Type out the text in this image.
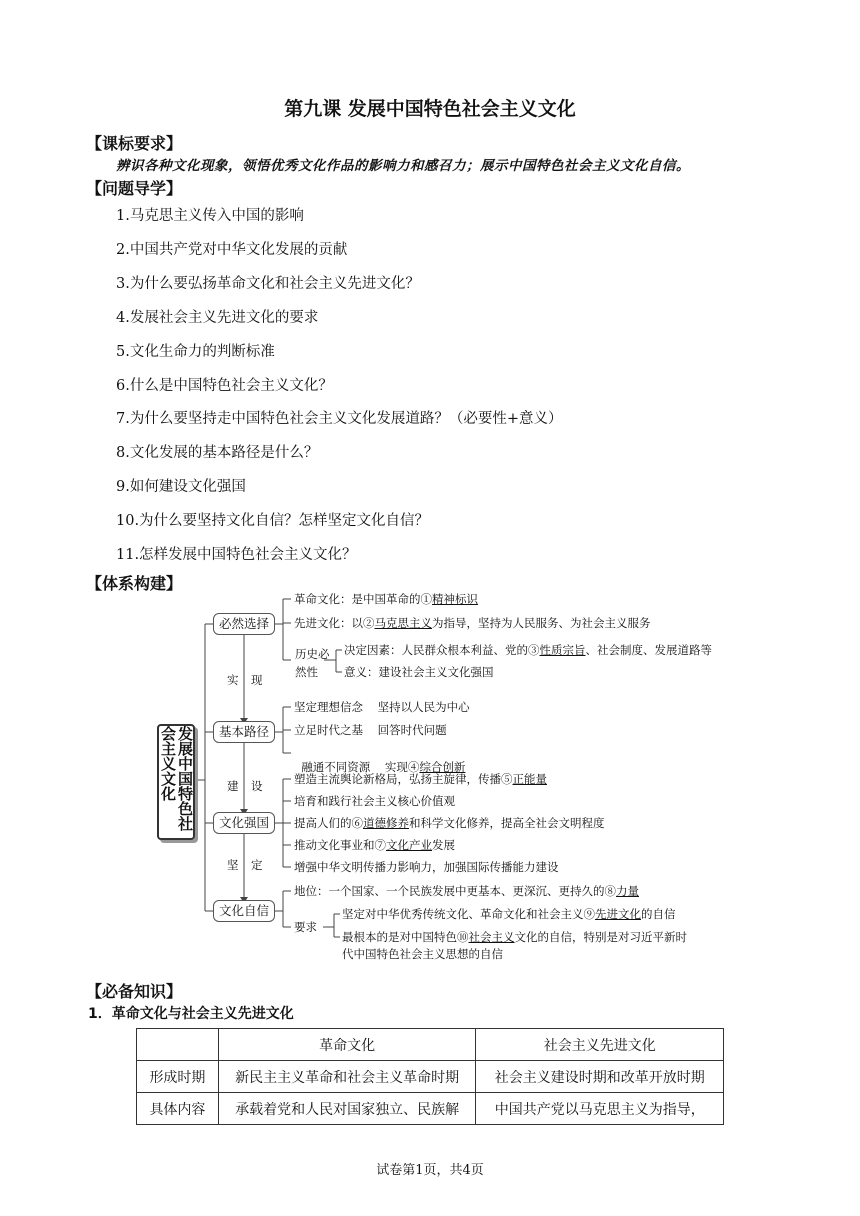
第九课 发展中国特色社会主义文化
【课标要求】
辨识各种文化现象，领悟优秀文化作品的影响力和感召力；展示中国特色社会主义文化自信。
【问题导学】
1.马克思主义传入中国的影响
2.中国共产党对中华文化发展的贡献
3.为什么要弘扬革命文化和社会主义先进文化？
4.发展社会主义先进文化的要求
5.文化生命力的判断标准
6.什么是中国特色社会主义文化？
7.为什么要坚持走中国特色社会主义文化发展道路？（必要性+意义）
8.文化发展的基本路径是什么？
9.如何建设文化强国
10.为什么要坚持文化自信？怎样坚定文化自信？
11.怎样发展中国特色社会主义文化？
【体系构建】
发展中国特色社会主义文化
必然选择
基本路径
文化强国
文化自信
实 现
建 设
坚 定
革命文化：是中国革命的①精神标识
先进文化：以②马克思主义为指导，坚持为人民服务、为社会主义服务
历史必
然性
决定因素：人民群众根本利益、党的③性质宗旨、社会制度、发展道路等
意义：建设社会主义文化强国
坚定理想信念    坚持以人民为中心
立足时代之基    回答时代问题

融通不同资源    实现④综合创新

塑造主流舆论新格局，弘扬主旋律，传播⑤正能量
培育和践行社会主义核心价值观
提高人们的⑥道德修养和科学文化修养，提高全社会文明程度
推动文化事业和⑦文化产业发展
增强中华文明传播力影响力，加强国际传播能力建设
地位：一个国家、一个民族发展中更基本、更深沉、更持久的⑧力量
要求
坚定对中华优秀传统文化、革命文化和社会主义⑨先进文化的自信
最根本的是对中国特色⑩社会主义文化的自信，特别是对习近平新时
代中国特色社会主义思想的自信
【必备知识】
1．革命文化与社会主义先进文化
	革命文化	社会主义先进文化
形成时期	新民主主义革命和社会主义革命时期	社会主义建设时期和改革开放时期
具体内容	承载着党和人民对国家独立、民族解	中国共产党以马克思主义为指导，
试卷第1页，共4页
